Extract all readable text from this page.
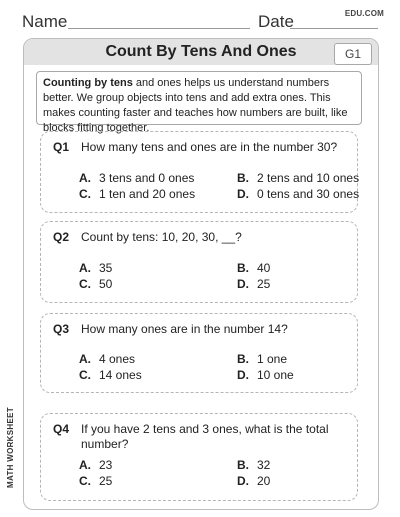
Name	Date	EDU.COM
Count By Tens And Ones	G1
Counting by tens and ones helps us understand numbers better. We group objects into tens and add extra ones. This makes counting faster and teaches how numbers are built, like blocks fitting together.
Q1 How many tens and ones are in the number 30?
A. 3 tens and 0 ones	B. 2 tens and 10 ones
C. 1 ten and 20 ones	D. 0 tens and 30 ones
Q2 Count by tens: 10, 20, 30, __?
A. 35	B. 40
C. 50	D. 25
Q3 How many ones are in the number 14?
A. 4 ones	B. 1 one
C. 14 ones	D. 10 one
Q4 If you have 2 tens and 3 ones, what is the total number?
A. 23	B. 32
C. 25	D. 20
MATH WORKSHEET
